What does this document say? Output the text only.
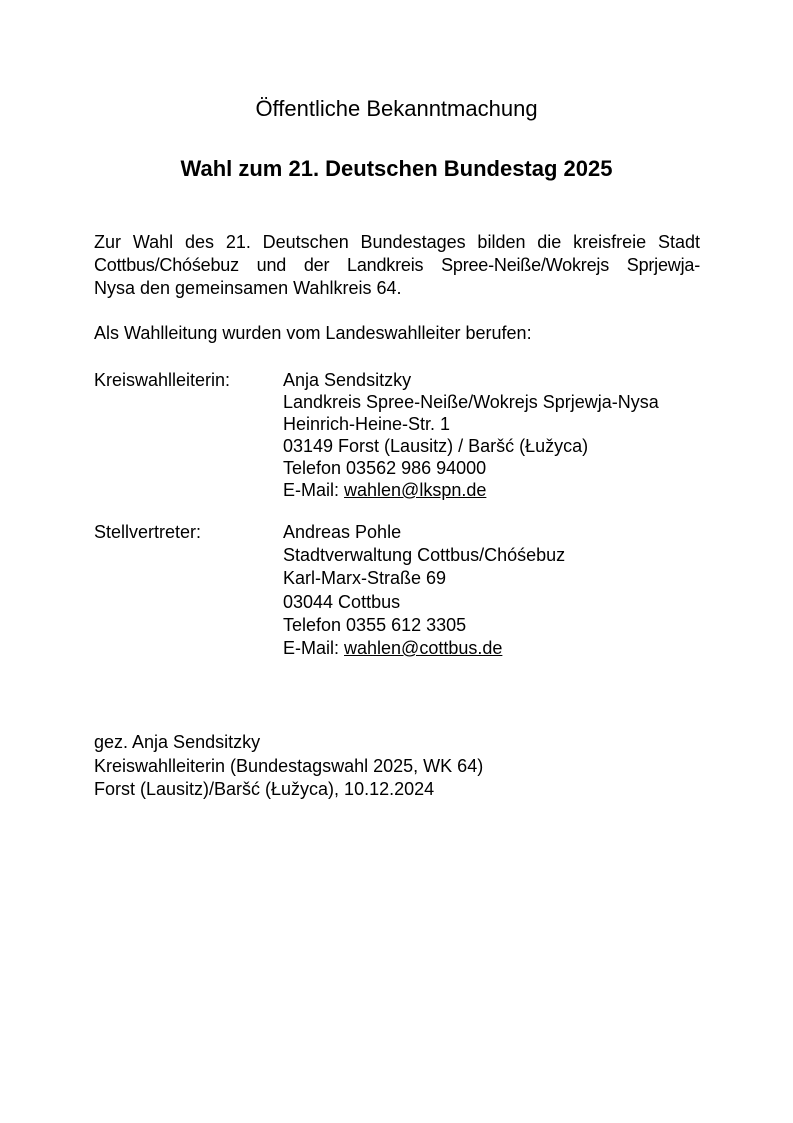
Öffentliche Bekanntmachung
Wahl zum 21. Deutschen Bundestag 2025

Zur Wahl des 21. Deutschen Bundestages bilden die kreisfreie Stadt
Cottbus/Chóśebuz und der Landkreis Spree-Neiße/Wokrejs Sprjewja-
Nysa den gemeinsamen Wahlkreis 64.

Als Wahlleitung wurden vom Landeswahlleiter berufen:

Kreiswahlleiterin:	Anja Sendsitzky
Landkreis Spree-Neiße/Wokrejs Sprjewja-Nysa
Heinrich-Heine-Str. 1
03149 Forst (Lausitz) / Baršć (Łužyca)
Telefon 03562 986 94000
E-Mail: wahlen@lkspn.de

Stellvertreter:	Andreas Pohle
Stadtverwaltung Cottbus/Chóśebuz
Karl-Marx-Straße 69
03044 Cottbus
Telefon 0355 612 3305
E-Mail: wahlen@cottbus.de
gez. Anja Sendsitzky
Kreiswahlleiterin (Bundestagswahl 2025, WK 64)
Forst (Lausitz)/Baršć (Łužyca), 10.12.2024
